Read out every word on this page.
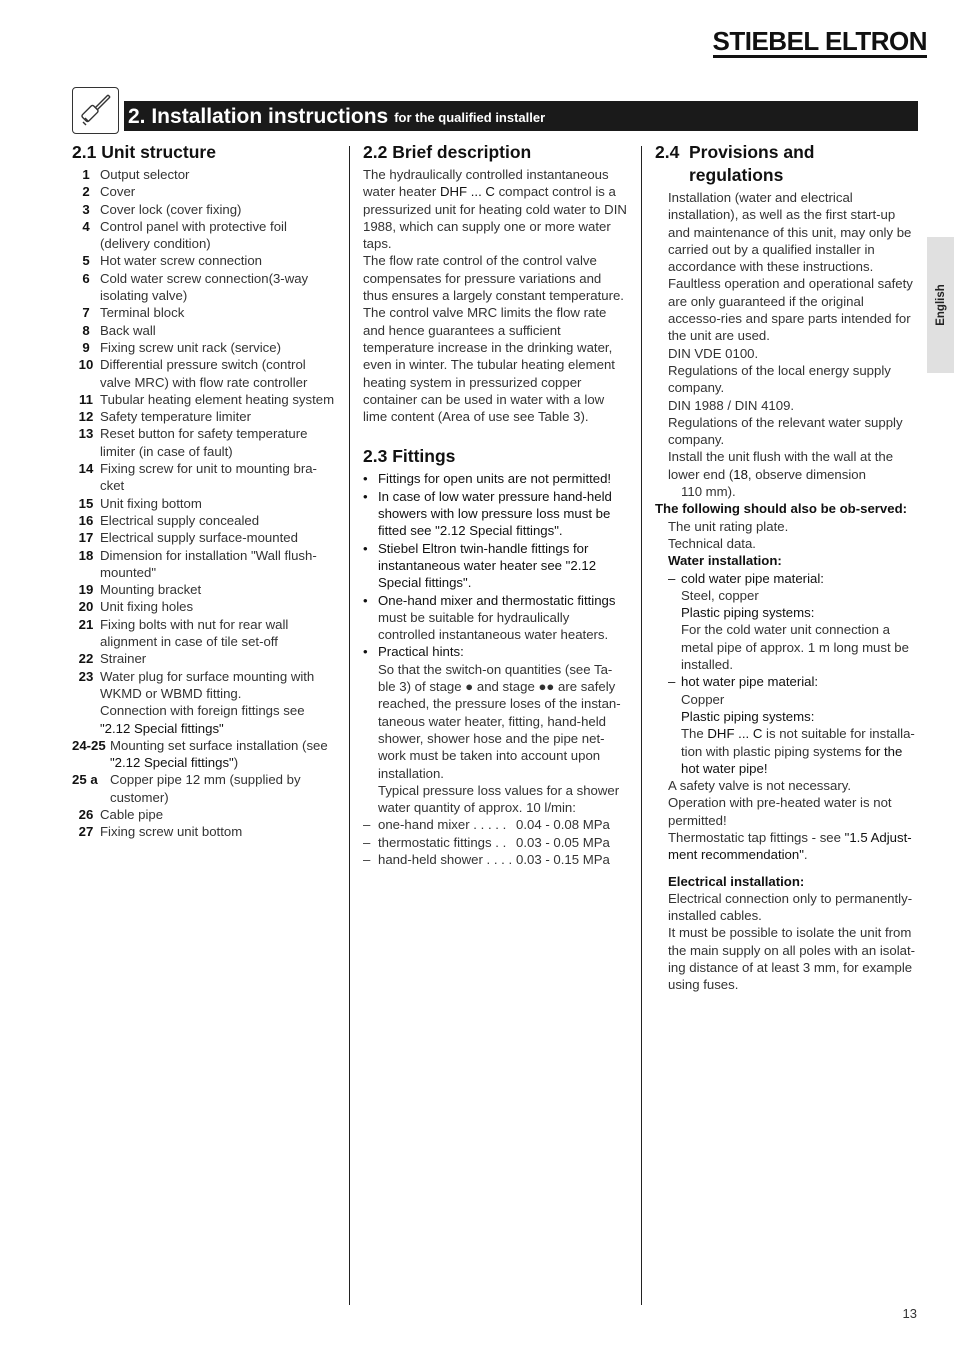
STIEBEL ELTRON
2. Installation instructions for the qualified installer
English
2.1 Unit structure
1 Output selector
2 Cover
3 Cover lock (cover fixing)
4 Control panel with protective foil (delivery condition)
5 Hot water screw connection
6 Cold water screw connection(3-way isolating valve)
7 Terminal block
8 Back wall
9 Fixing screw unit rack (service)
10 Differential pressure switch (control valve MRC) with flow rate controller
11 Tubular heating element heating system
12 Safety temperature limiter
13 Reset button for safety temperature limiter (in case of fault)
14 Fixing screw for unit to mounting bra-cket
15 Unit fixing bottom
16 Electrical supply concealed
17 Electrical supply surface-mounted
18 Dimension for installation "Wall flush-mounted"
19 Mounting bracket
20 Unit fixing holes
21 Fixing bolts with nut for rear wall alignment in case of tile set-off
22 Strainer
23 Water plug for surface mounting with WKMD or WBMD fitting.
Connection with foreign fittings see
"2.12 Special fittings"
24-25 Mounting set surface installation (see
"2.12 Special fittings")
25 a Copper pipe 12 mm (supplied by customer)
26 Cable pipe
27 Fixing screw unit bottom
2.2 Brief description

The hydraulically controlled instantaneous water heater DHF ... C compact control is a pressurized unit for heating cold water to DIN 1988, which can supply one or more water taps.

The flow rate control of the control valve compensates for pressure variations and thus ensures a largely constant temperature. The control valve MRC limits the flow rate and hence guarantees a sufficient temperature increase in the drinking water, even in winter. The tubular heating element heating system in pressurized copper container can be used in water with a low lime content (Area of use see Table 3).

2.3 Fittings
• Fittings for open units are not permitted!
• In case of low water pressure hand-held showers with low pressure loss must be fitted see "2.12 Special fittings".
• Stiebel Eltron twin-handle fittings for instantaneous water heater see "2.12 Special fittings".
• One-hand mixer and thermostatic fittings
must be suitable for hydraulically controlled instantaneous water heaters.
• Practical hints:

So that the switch-on quantities (see Ta-ble 3) of stage ● and stage ●● are safely reached, the pressure loses of the instan-taneous water heater, fitting, hand-held shower, shower hose and the pipe net-work must be taken into account upon installation.

Typical pressure loss values for a shower water quantity of approx. 10 l/min:

– one-hand mixer . . . . . 0.04 - 0.08 MPa
– thermostatic fittings . . 0.03 - 0.05 MPa
– hand-held shower . . . . 0.03 - 0.15 MPa
2.4 Provisions and
regulations

Installation (water and electrical installation), as well as the first start-up and maintenance of this unit, may only be carried out by a qualified installer in accordance with these instructions.

Faultless operation and operational safety are only guaranteed if the original accesso-ries and spare parts intended for the unit are used.

DIN VDE 0100.

Regulations of the local energy supply company.

DIN 1988 / DIN 4109.

Regulations of the relevant water supply company.

Install the unit flush with the wall at the lower end (18, observe dimension
110 mm).

The following should also be ob-served:

The unit rating plate.

Technical data.

Water installation:

– cold water pipe material:

Steel, copper

Plastic piping systems:

For the cold water unit connection a metal pipe of approx. 1 m long must be installed.

– hot water pipe material:

Copper

Plastic piping systems:

The DHF ... C is not suitable for installa-tion with plastic piping systems for the hot water pipe!

A safety valve is not necessary.

Operation with pre-heated water is not permitted!

Thermostatic tap fittings - see "1.5 Adjust-ment recommendation".

Electrical installation:

Electrical connection only to permanently-installed cables.

It must be possible to isolate the unit from the main supply on all poles with an isolat-ing distance of at least 3 mm, for example using fuses.

13
